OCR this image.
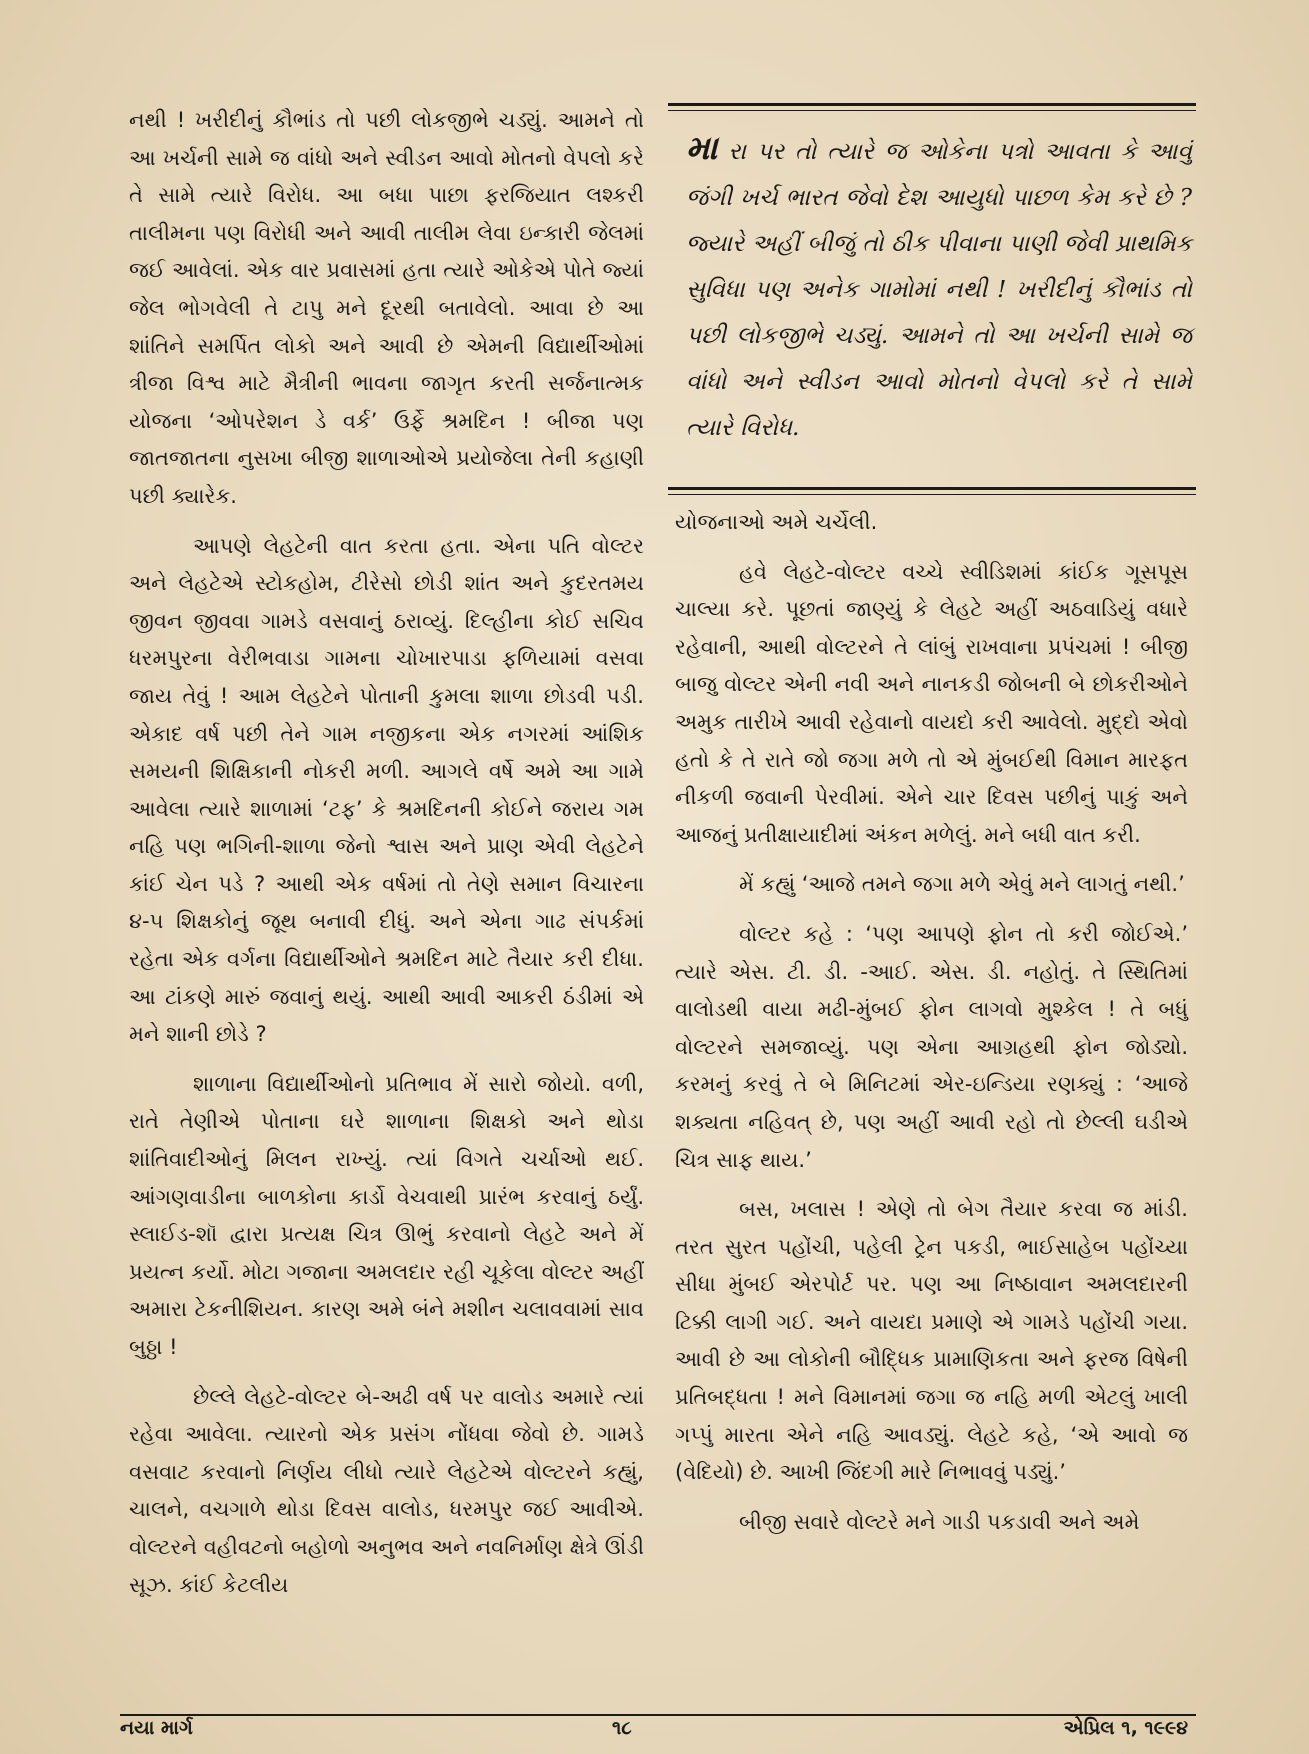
નથી ! ખરીદીનું કૌભાંડ તો પછી લોકજીભે ચડ્યું. આમને તો આ ખર્ચની સામે જ વાંધો અને સ્વીડન આવો મોતનો વેપલો કરે તે સામે ત્યારે વિરોધ. આ બધા પાછા ફરજિયાત લશ્કરી તાલીમના પણ વિરોધી અને આવી તાલીમ લેવા ઇન્કારી જેલમાં જઈ આવેલાં. એક વાર પ્રવાસમાં હતા ત્યારે ઓકેએ પોતે જ્યાં જેલ ભોગવેલી તે ટાપુ મને દૂરથી બતાવેલો. આવા છે આ શાંતિને સમર્પિત લોકો અને આવી છે એમની વિદ્યાર્થીઓમાં ત્રીજા વિશ્વ માટે મૈત્રીની ભાવના જાગૃત કરતી સર્જનાત્મક યોજના ‘ઓપરેશન ડે વર્ક’ ઉર્ફે શ્રમદિન ! બીજા પણ જાતજાતના નુસખા બીજી શાળાઓએ પ્રયોજેલા તેની કહાણી પછી ક્યારેક.

આપણે લેહટેની વાત કરતા હતા. એના પતિ વોલ્ટર અને લેહટેએ સ્ટોકહોમ, ટીરેસો છોડી શાંત અને કુદરતમય જીવન જીવવા ગામડે વસવાનું ઠરાવ્યું. દિલ્હીના કોઈ સચિવ ધરમપુરના વેરીભવાડા ગામના ચોખારપાડા ફળિયામાં વસવા જાય તેવું ! આમ લેહટેને પોતાની કુમલા શાળા છોડવી પડી. એકાદ વર્ષ પછી તેને ગામ નજીકના એક નગરમાં આંશિક સમયની શિક્ષિકાની નોકરી મળી. આગલે વર્ષે અમે આ ગામે આવેલા ત્યારે શાળામાં ‘ટફ’ કે શ્રમદિનની કોઈને જરાય ગમ નહિ પણ ભગિની-શાળા જેનો શ્વાસ અને પ્રાણ એવી લેહટેને કાંઈ ચેન પડે ? આથી એક વર્ષમાં તો તેણે સમાન વિચારના ૪-૫ શિક્ષકોનું જૂથ બનાવી દીધું. અને એના ગાઢ સંપર્કમાં રહેતા એક વર્ગના વિદ્યાર્થીઓને શ્રમદિન માટે તૈયાર કરી દીધા. આ ટાંકણે મારું જવાનું થયું. આથી આવી આકરી ઠંડીમાં એ મને શાની છોડે ?

શાળાના વિદ્યાર્થીઓનો પ્રતિભાવ મેં સારો જોયો. વળી, રાતે તેણીએ પોતાના ઘરે શાળાના શિક્ષકો અને થોડા શાંતિવાદીઓનું મિલન રાખ્યું. ત્યાં વિગતે ચર્ચાઓ થઈ. આંગણવાડીના બાળકોના કાર્ડો વેચવાથી પ્રારંભ કરવાનું ઠર્યું. સ્લાઈડ-શૉ દ્વારા પ્રત્યક્ષ ચિત્ર ઊભું કરવાનો લેહટે અને મેં પ્રયત્ન કર્યો. મોટા ગજાના અમલદાર રહી ચૂકેલા વોલ્ટર અહીં અમારા ટેકનીશિયન. કારણ અમે બંને મશીન ચલાવવામાં સાવ બુઠ્ઠા !

છેલ્લે લેહટે-વોલ્ટર બે-અઢી વર્ષ પર વાલોડ અમારે ત્યાં રહેવા આવેલા. ત્યારનો એક પ્રસંગ નોંધવા જેવો છે. ગામડે વસવાટ કરવાનો નિર્ણય લીધો ત્યારે લેહટેએ વોલ્ટરને કહ્યું, ચાલને, વચગાળે થોડા દિવસ વાલોડ, ધરમપુર જઈ આવીએ. વોલ્ટરને વહીવટનો બહોળો અનુભવ અને નવનિર્માણ ક્ષેત્રે ઊંડી સૂઝ. કાંઈ કેટલીય

મા રા પર તો ત્યારે જ ઓકેના પત્રો આવતા કે આવું જંગી ખર્ચ ભારત જેવો દેશ આયુધો પાછળ કેમ કરે છે ? જ્યારે અહીં બીજું તો ઠીક પીવાના પાણી જેવી પ્રાથમિક સુવિધા પણ અનેક ગામોમાં નથી ! ખરીદીનું કૌભાંડ તો પછી લોકજીભે ચડ્યું. આમને તો આ ખર્ચની સામે જ વાંધો અને સ્વીડન આવો મોતનો વેપલો કરે તે સામે ત્યારે વિરોધ.

યોજનાઓ અમે ચર્ચેલી.

હવે લેહટે-વોલ્ટર વચ્ચે સ્વીડિશમાં કાંઈક ગૂસપૂસ ચાલ્યા કરે. પૂછતાં જાણ્યું કે લેહટે અહીં અઠવાડિયું વધારે રહેવાની, આથી વોલ્ટરને તે લાંબું રાખવાના પ્રપંચમાં ! બીજી બાજુ વોલ્ટર એની નવી અને નાનકડી જોબની બે છોકરીઓને અમુક તારીખે આવી રહેવાનો વાયદો કરી આવેલો. મુદ્દો એવો હતો કે તે રાતે જો જગા મળે તો એ મુંબઈથી વિમાન મારફત નીકળી જવાની પેરવીમાં. એને ચાર દિવસ પછીનું પાકું અને આજનું પ્રતીક્ષાયાદીમાં અંકન મળેલું. મને બધી વાત કરી.

મેં કહ્યું ‘આજે તમને જગા મળે એવું મને લાગતું નથી.’

વોલ્ટર કહે : ‘પણ આપણે ફોન તો કરી જોઈએ.’ ત્યારે એસ. ટી. ડી. -આઈ. એસ. ડી. નહોતું. તે સ્થિતિમાં વાલોડથી વાયા મઢી-મુંબઈ ફોન લાગવો મુશ્કેલ ! તે બધું વોલ્ટરને સમજાવ્યું. પણ એના આગ્રહથી ફોન જોડ્યો. કરમનું કરવું તે બે મિનિટમાં એર-ઇન્ડિયા રણક્યું : ‘આજે શક્યતા નહિવત્ છે, પણ અહીં આવી રહો તો છેલ્લી ઘડીએ ચિત્ર સાફ થાય.’

બસ, ખલાસ ! એણે તો બેગ તૈયાર કરવા જ માંડી. તરત સુરત પહોંચી, પહેલી ટ્રેન પકડી, ભાઈસાહેબ પહોંચ્યા સીધા મુંબઈ એરપોર્ટ પર. પણ આ નિષ્ઠાવાન અમલદારની ટિક્કી લાગી ગઈ. અને વાયદા પ્રમાણે એ ગામડે પહોંચી ગયા. આવી છે આ લોકોની બૌદ્ધિક પ્રામાણિકતા અને ફરજ વિષેની પ્રતિબદ્ધતા ! મને વિમાનમાં જગા જ નહિ મળી એટલું ખાલી ગપ્પું મારતા એને નહિ આવડ્યું. લેહટે કહે, ‘એ આવો જ (વેદિયો) છે. આખી જિંદગી મારે નિભાવવું પડ્યું.’

બીજી સવારે વોલ્ટરે મને ગાડી પકડાવી અને અમે

નયા માર્ગ	૧૮	એપ્રિલ ૧, ૧૯૯૪
